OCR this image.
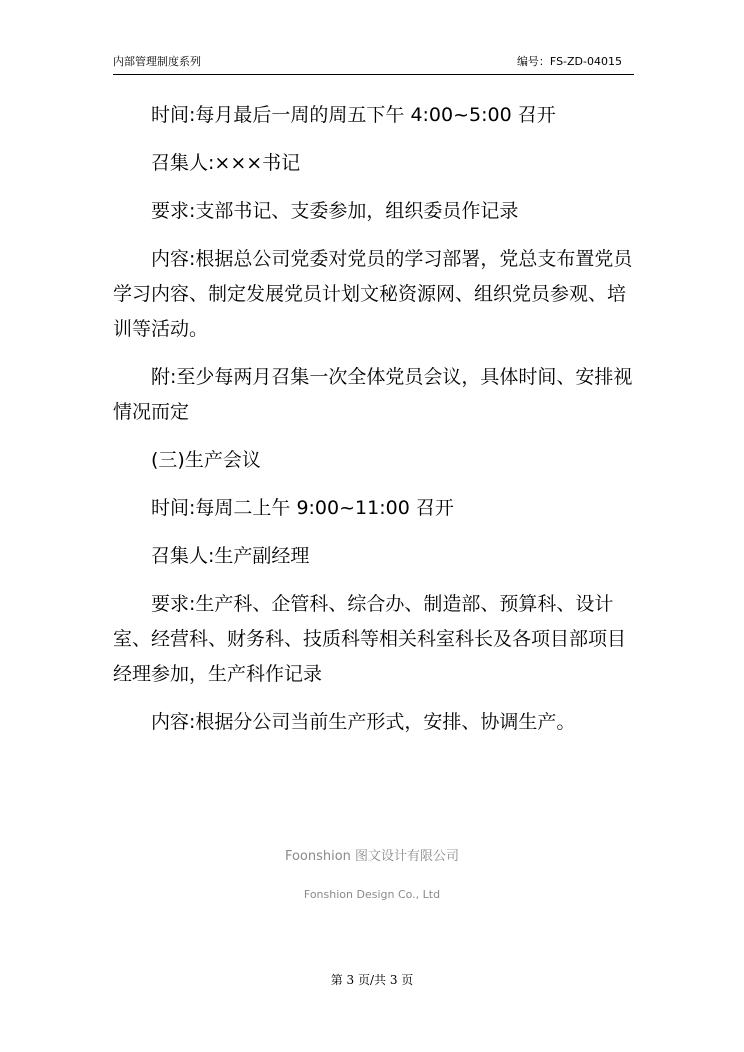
内部管理制度系列	编号：FS-ZD-04015

时间:每月最后一周的周五下午 4:00~5:00 召开

召集人:×××书记

要求:支部书记、支委参加，组织委员作记录

内容:根据总公司党委对党员的学习部署，党总支布置党员学习内容、制定发展党员计划文秘资源网、组织党员参观、培训等活动。

附:至少每两月召集一次全体党员会议，具体时间、安排视情况而定

(三)生产会议

时间:每周二上午 9:00~11:00 召开

召集人:生产副经理

要求:生产科、企管科、综合办、制造部、预算科、设计室、经营科、财务科、技质科等相关科室科长及各项目部项目经理参加，生产科作记录

内容:根据分公司当前生产形式，安排、协调生产。

Foonshion 图文设计有限公司
Fonshion Design Co., Ltd
第 3 页/共 3 页
